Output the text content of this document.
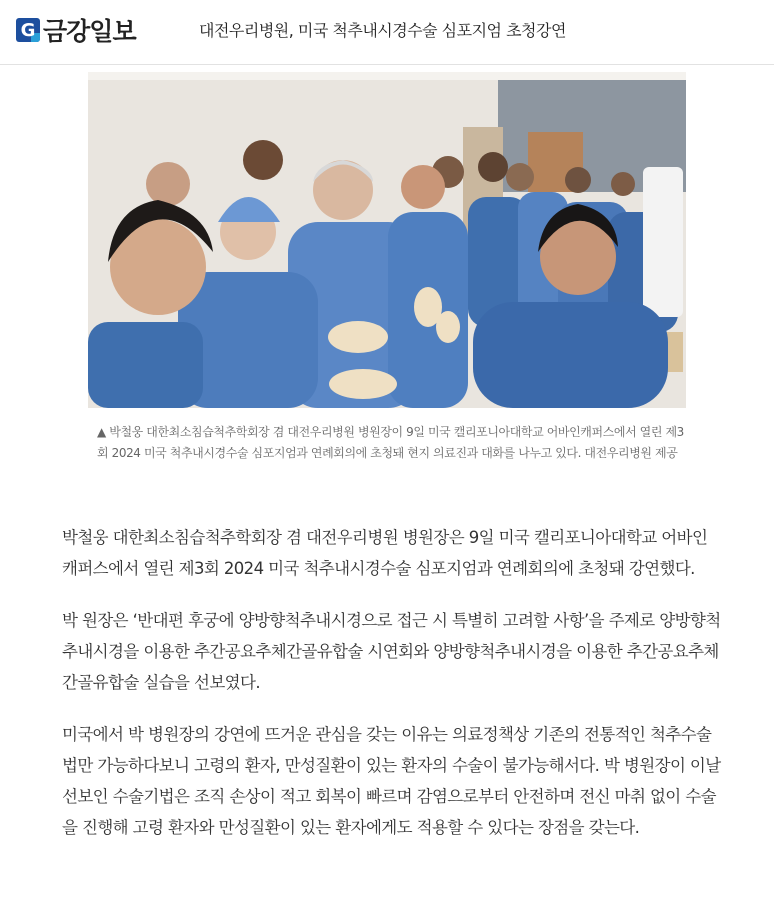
G 금강일보	대전우리병원, 미국 척추내시경수술 심포지엄 초청강연
▲ 박철웅 대한최소침습척추학회장 겸 대전우리병원 병원장이 9일 미국 캘리포니아대학교 어바인캐퍼스에서 열린 제3회 2024 미국 척추내시경수술 심포지엄과 연례회의에 초청돼 현지 의료진과 대화를 나누고 있다. 대전우리병원 제공

박철웅 대한최소침습척추학회장 겸 대전우리병원 병원장은 9일 미국 캘리포니아대학교 어바인캐퍼스에서 열린 제3회 2024 미국 척추내시경수술 심포지엄과 연례회의에 초청돼 강연했다.

박 원장은 ‘반대편 후궁에 양방향척추내시경으로 접근 시 특별히 고려할 사항’을 주제로 양방향척추내시경을 이용한 추간공요추체간골유합술 시연회와 양방향척추내시경을 이용한 추간공요추체간골유합술 실습을 선보였다.

미국에서 박 병원장의 강연에 뜨거운 관심을 갖는 이유는 의료정책상 기존의 전통적인 척추수술법만 가능하다보니 고령의 환자, 만성질환이 있는 환자의 수술이 불가능해서다. 박 병원장이 이날 선보인 수술기법은 조직 손상이 적고 회복이 빠르며 감염으로부터 안전하며 전신 마취 없이 수술을 진행해 고령 환자와 만성질환이 있는 환자에게도 적용할 수 있다는 장점을 갖는다.
